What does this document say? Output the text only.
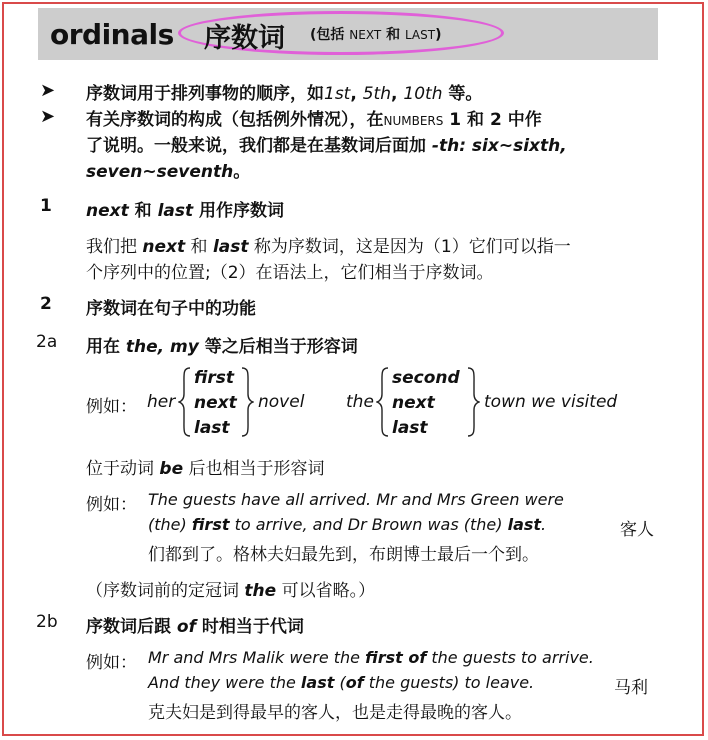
ordinals 序数词 (包括 NEXT 和 LAST)
➤ 序数词用于排列事物的顺序，如1st, 5th, 10th 等。
➤ 有关序数词的构成（包括例外情况），在NUMBERS 1 和 2 中作
了说明。一般来说，我们都是在基数词后面加 -th: six~sixth,
seven~seventh。
1 next 和 last 用作序数词
我们把 next 和 last 称为序数词，这是因为（1）它们可以指一
个序列中的位置;（2）在语法上，它们相当于序数词。
2 序数词在句子中的功能
2a 用在 the, my 等之后相当于形容词
例如： her
first
next
last
novel the
second
next
last
town we visited
位于动词 be 后也相当于形容词
例如： The guests have all arrived. Mr and Mrs Green were
(the) first to arrive, and Dr Brown was (the) last.	客人
们都到了。格林夫妇最先到，布朗博士最后一个到。
（序数词前的定冠词 the 可以省略。）
2b 序数词后跟 of 时相当于代词
例如： Mr and Mrs Malik were the first of the guests to arrive.
And they were the last (of the guests) to leave.	马利
克夫妇是到得最早的客人，也是走得最晚的客人。
